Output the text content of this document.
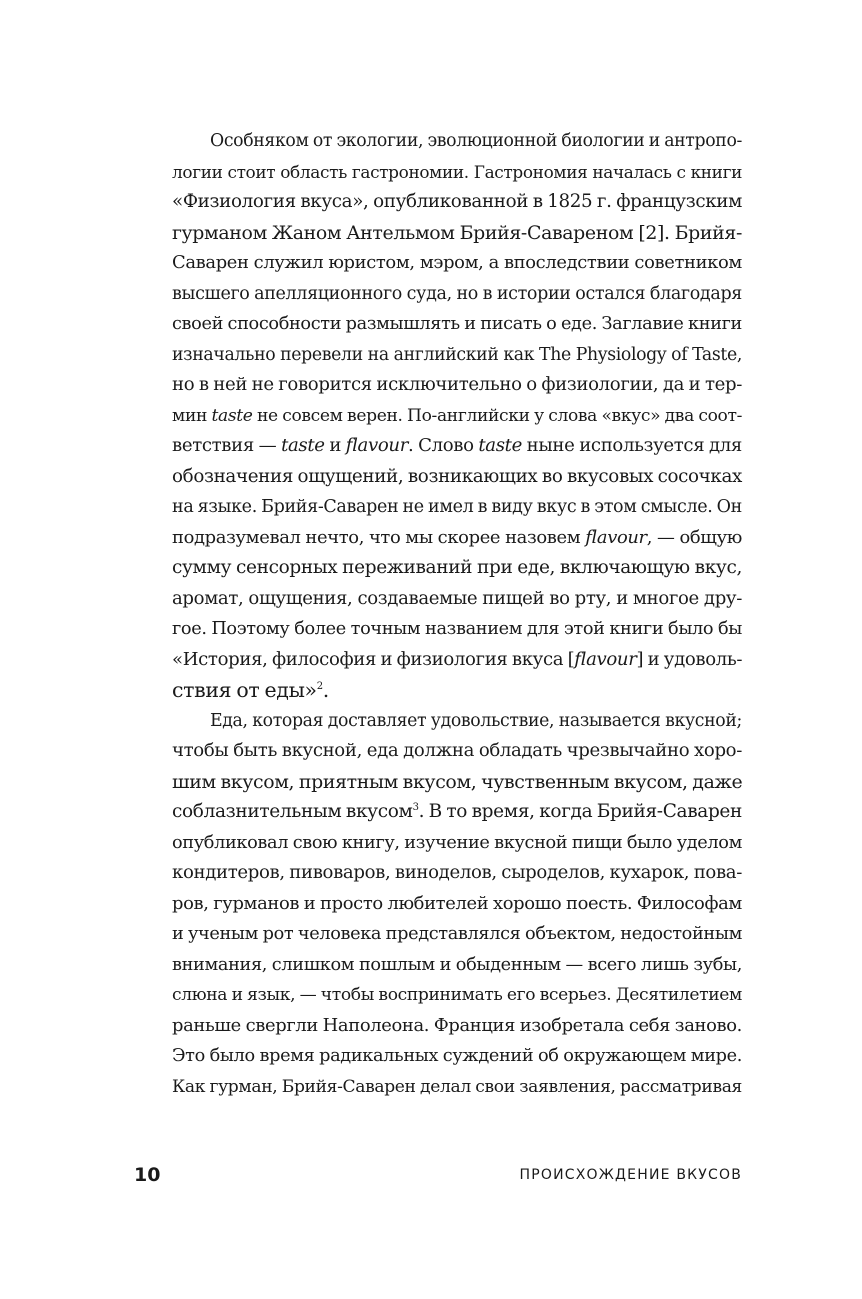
Особняком от экологии, эволюционной биологии и антропо-
логии стоит область гастрономии. Гастрономия началась с книги
«Физиология вкуса», опубликованной в 1825 г. французским
гурманом Жаном Антельмом Брийя-Савареном [2]. Брийя-
Саварен служил юристом, мэром, а впоследствии советником
высшего апелляционного суда, но в истории остался благодаря
своей способности размышлять и писать о еде. Заглавие книги
изначально перевели на английский как The Physiology of Taste,
но в ней не говорится исключительно о физиологии, да и тер-
мин taste не совсем верен. По-английски у слова «вкус» два соот-
ветствия — taste и flavour. Слово taste ныне используется для
обозначения ощущений, возникающих во вкусовых сосочках
на языке. Брийя-Саварен не имел в виду вкус в этом смысле. Он
подразумевал нечто, что мы скорее назовем flavour, — общую
сумму сенсорных переживаний при еде, включающую вкус,
аромат, ощущения, создаваемые пищей во рту, и многое дру-
гое. Поэтому более точным названием для этой книги было бы
«История, философия и физиология вкуса [flavour] и удоволь-
ствия от еды»$^2$.
Еда, которая доставляет удовольствие, называется вкусной;
чтобы быть вкусной, еда должна обладать чрезвычайно хоро-
шим вкусом, приятным вкусом, чувственным вкусом, даже
соблазнительным вкусом$^3$. В то время, когда Брийя-Саварен
опубликовал свою книгу, изучение вкусной пищи было уделом
кондитеров, пивоваров, виноделов, сыроделов, кухарок, пова-
ров, гурманов и просто любителей хорошо поесть. Философам
и ученым рот человека представлялся объектом, недостойным
внимания, слишком пошлым и обыденным — всего лишь зубы,
слюна и язык, — чтобы воспринимать его всерьез. Десятилетием
раньше свергли Наполеона. Франция изобретала себя заново.
Это было время радикальных суждений об окружающем мире.
Как гурман, Брийя-Саварен делал свои заявления, рассматривая
10	ПРОИСХОЖДЕНИЕ ВКУСОВ
